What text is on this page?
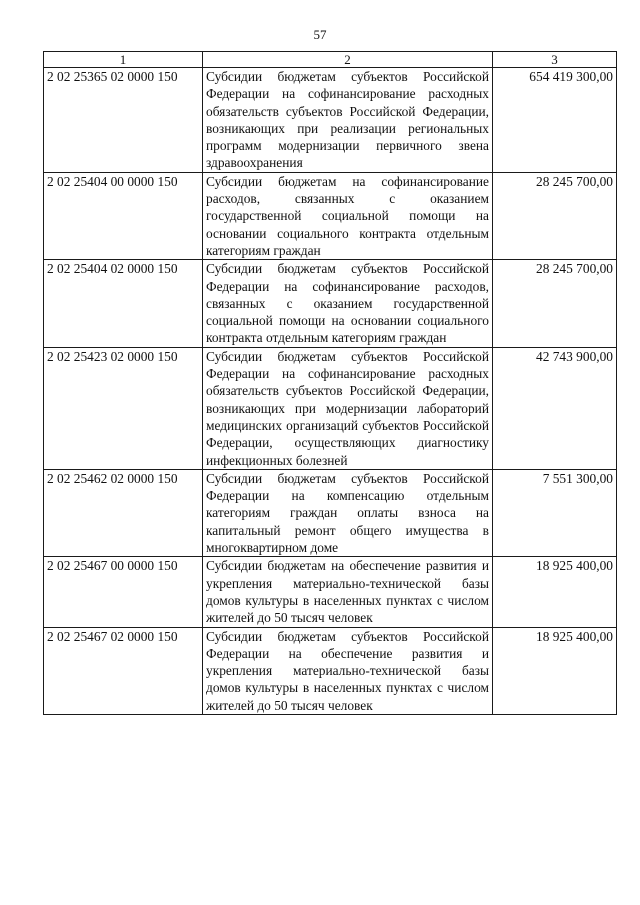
57
1	2	3
2 02 25365 02 0000 150	Субсидии бюджетам субъектов Российской Федерации на софинансирование расходных обязательств субъектов Российской Федерации, возникающих при реализации региональных программ модернизации первичного звена здравоохранения	654 419 300,00
2 02 25404 00 0000 150	Субсидии бюджетам на софинансирование расходов, связанных с оказанием государственной социальной помощи на основании социального контракта отдельным категориям граждан	28 245 700,00
2 02 25404 02 0000 150	Субсидии бюджетам субъектов Российской Федерации на софинансирование расходов, связанных с оказанием государственной социальной помощи на основании социального контракта отдельным категориям граждан	28 245 700,00
2 02 25423 02 0000 150	Субсидии бюджетам субъектов Российской Федерации на софинансирование расходных обязательств субъектов Российской Федерации, возникающих при модернизации лабораторий медицинских организаций субъектов Российской Федерации, осуществляющих диагностику инфекционных болезней	42 743 900,00
2 02 25462 02 0000 150	Субсидии бюджетам субъектов Российской Федерации на компенсацию отдельным категориям граждан оплаты взноса на капитальный ремонт общего имущества в многоквартирном доме	7 551 300,00
2 02 25467 00 0000 150	Субсидии бюджетам на обеспечение развития и укрепления материально-технической базы домов культуры в населенных пунктах с числом жителей до 50 тысяч человек	18 925 400,00
2 02 25467 02 0000 150	Субсидии бюджетам субъектов Российской Федерации на обеспечение развития и укрепления материально-технической базы домов культуры в населенных пунктах с числом жителей до 50 тысяч человек	18 925 400,00
